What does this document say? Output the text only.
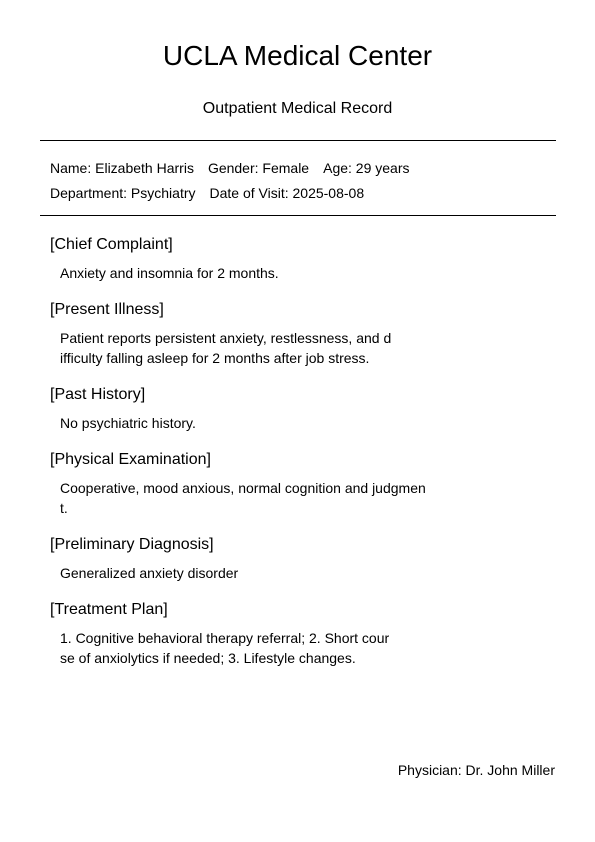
UCLA Medical Center
Outpatient Medical Record
Name: Elizabeth Harris Gender: Female Age: 29 years
Department: Psychiatry Date of Visit: 2025-08-08
[Chief Complaint]
Anxiety and insomnia for 2 months.
[Present Illness]
Patient reports persistent anxiety, restlessness, and d
ifficulty falling asleep for 2 months after job stress.
[Past History]
No psychiatric history.
[Physical Examination]
Cooperative, mood anxious, normal cognition and judgmen
t.
[Preliminary Diagnosis]
Generalized anxiety disorder
[Treatment Plan]
1. Cognitive behavioral therapy referral; 2. Short cour
se of anxiolytics if needed; 3. Lifestyle changes.
Physician: Dr. John Miller
